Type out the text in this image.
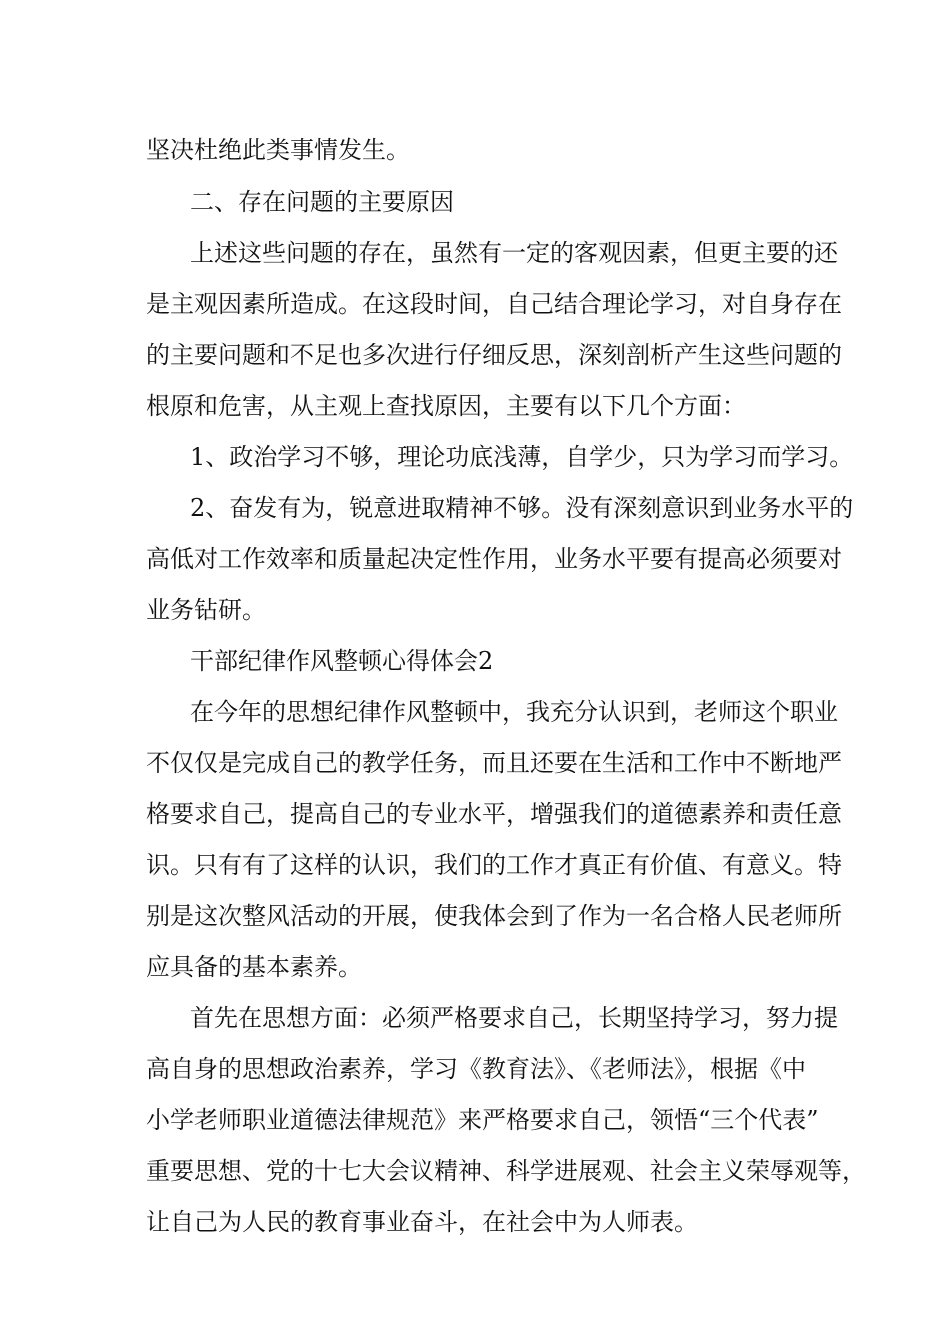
坚决杜绝此类事情发生。
二、存在问题的主要原因
上述这些问题的存在，虽然有一定的客观因素，但更主要的还
是主观因素所造成。在这段时间，自己结合理论学习，对自身存在
的主要问题和不足也多次进行仔细反思，深刻剖析产生这些问题的
根原和危害，从主观上查找原因，主要有以下几个方面：
1、政治学习不够，理论功底浅薄，自学少，只为学习而学习。
2、奋发有为，锐意进取精神不够。没有深刻意识到业务水平的
高低对工作效率和质量起决定性作用，业务水平要有提高必须要对
业务钻研。
干部纪律作风整顿心得体会2
在今年的思想纪律作风整顿中，我充分认识到，老师这个职业
不仅仅是完成自己的教学任务，而且还要在生活和工作中不断地严
格要求自己，提高自己的专业水平，增强我们的道德素养和责任意
识。只有有了这样的认识，我们的工作才真正有价值、有意义。特
别是这次整风活动的开展，使我体会到了作为一名合格人民老师所
应具备的基本素养。
首先在思想方面：必须严格要求自己，长期坚持学习，努力提
高自身的思想政治素养，学习《教育法》、《老师法》，根据《中
小学老师职业道德法律规范》来严格要求自己，领悟“三个代表”
重要思想、党的十七大会议精神、科学进展观、社会主义荣辱观等，
让自己为人民的教育事业奋斗，在社会中为人师表。
